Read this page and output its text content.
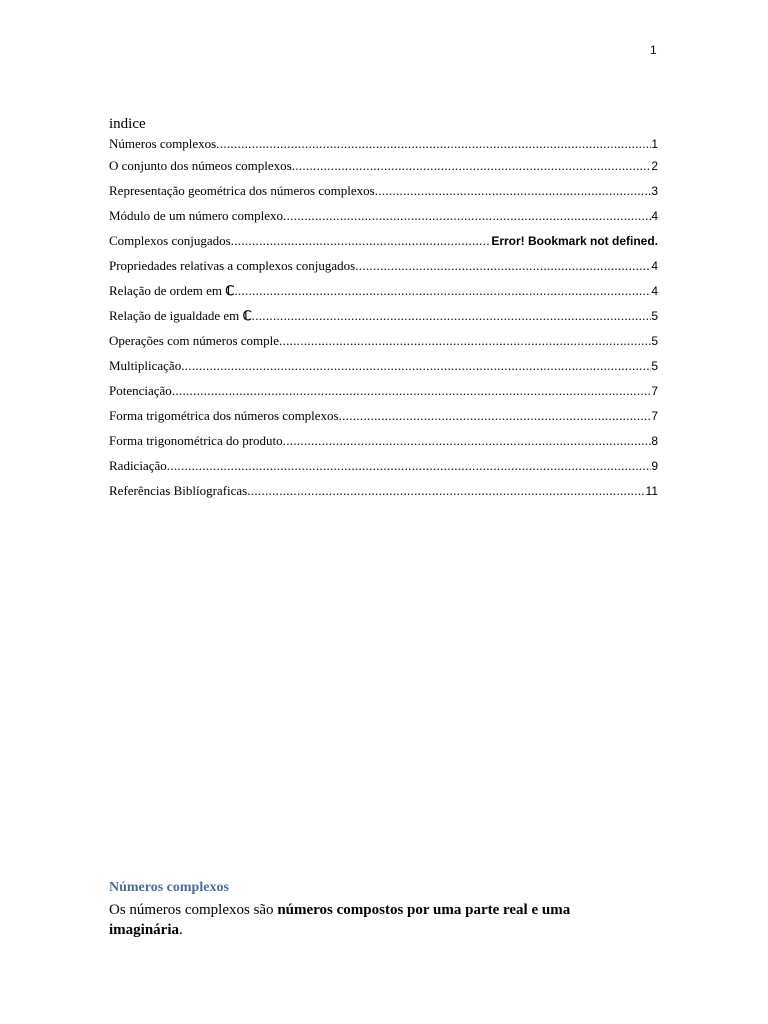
1
indice
Números complexos .....	1
O conjunto dos númeos complexos .....	2
Representação geométrica dos números complexos .....	3
Módulo de um número complexo .....	4
Complexos conjugados .....	Error! Bookmark not defined.
Propriedades relativas a complexos conjugados .....	4
Relação de ordem em ℂ .....	4
Relação de igualdade em ℂ .....	5
Operações com números comple .....	5
Multiplicação .....	5
Potenciação .....	7
Forma trigométrica dos números complexos .....	7
Forma trigonométrica do produto .....	8
Radiciação .....	9
Referências Biblíograficas .....	11
Números complexos
Os números complexos são números compostos por uma parte real e uma imaginária.
